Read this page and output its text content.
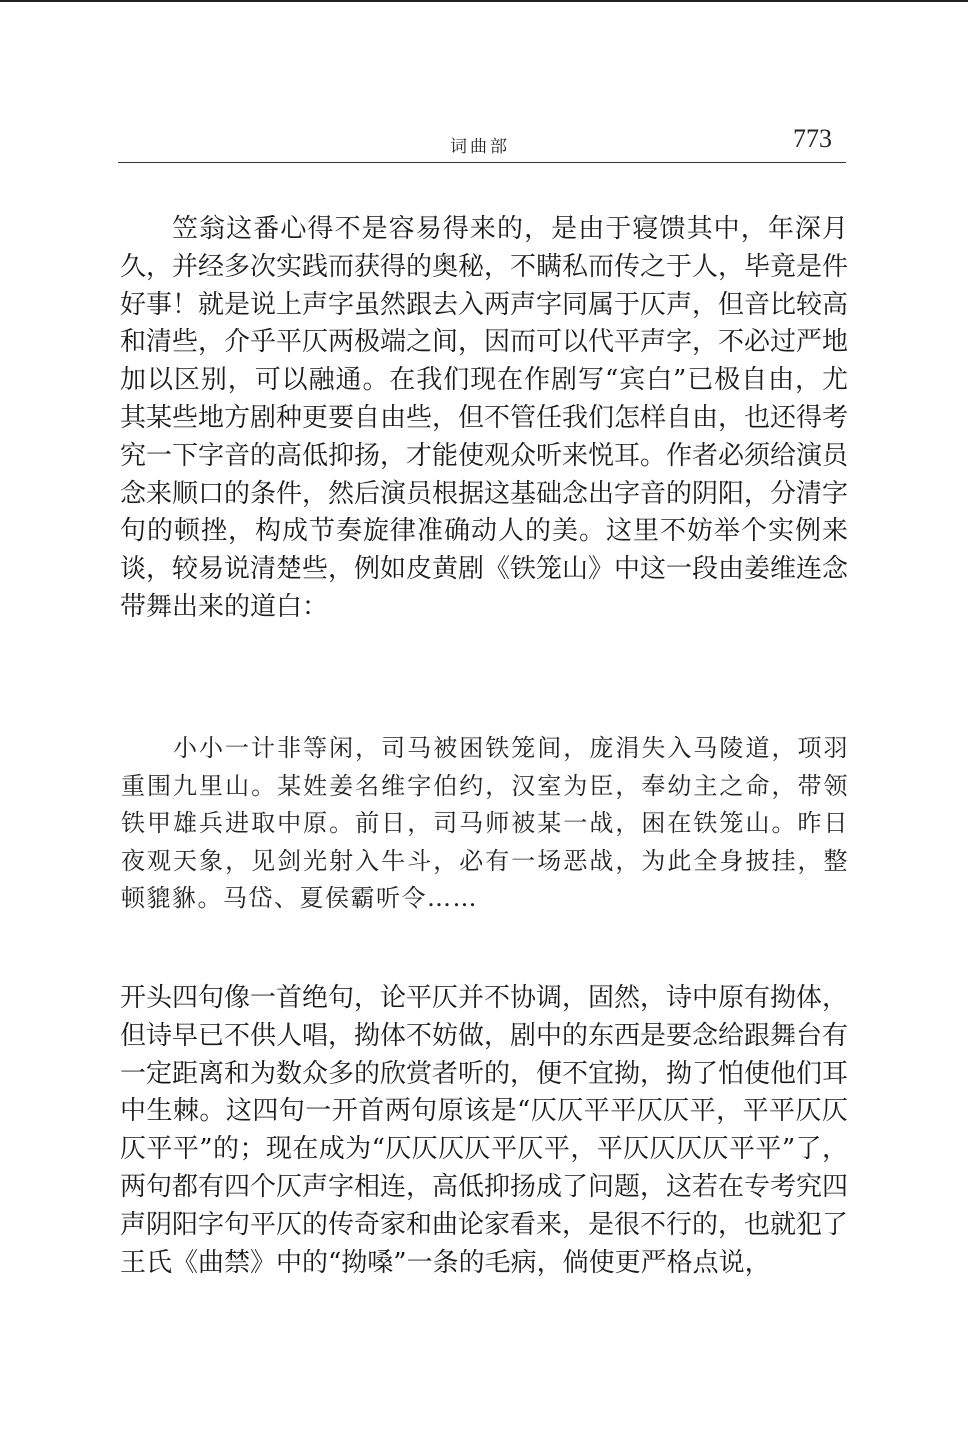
词曲部	773

笠翁这番心得不是容易得来的，是由于寝馈其中，年深月久，并经多次实践而获得的奥秘，不瞒私而传之于人，毕竟是件好事！就是说上声字虽然跟去入两声字同属于仄声，但音比较高和清些，介乎平仄两极端之间，因而可以代平声字，不必过严地加以区别，可以融通。在我们现在作剧写“宾白”已极自由，尤其某些地方剧种更要自由些，但不管任我们怎样自由，也还得考究一下字音的高低抑扬，才能使观众听来悦耳。作者必须给演员念来顺口的条件，然后演员根据这基础念出字音的阴阳，分清字句的顿挫，构成节奏旋律准确动人的美。这里不妨举个实例来谈，较易说清楚些，例如皮黄剧《铁笼山》中这一段由姜维连念带舞出来的道白：

小小一计非等闲，司马被困铁笼间，庞涓失入马陵道，项羽重围九里山。某姓姜名维字伯约，汉室为臣，奉幼主之命，带领铁甲雄兵进取中原。前日，司马师被某一战，困在铁笼山。昨日夜观天象，见剑光射入牛斗，必有一场恶战，为此全身披挂，整顿貔貅。马岱、夏侯霸听令……

开头四句像一首绝句，论平仄并不协调，固然，诗中原有拗体，但诗早已不供人唱，拗体不妨做，剧中的东西是要念给跟舞台有一定距离和为数众多的欣赏者听的，便不宜拗，拗了怕使他们耳中生棘。这四句一开首两句原该是“仄仄平平仄仄平，平平仄仄仄平平”的；现在成为“仄仄仄仄平仄平，平仄仄仄仄平平”了，两句都有四个仄声字相连，高低抑扬成了问题，这若在专考究四声阴阳字句平仄的传奇家和曲论家看来，是很不行的，也就犯了王氏《曲禁》中的“拗嗓”一条的毛病，倘使更严格点说，
